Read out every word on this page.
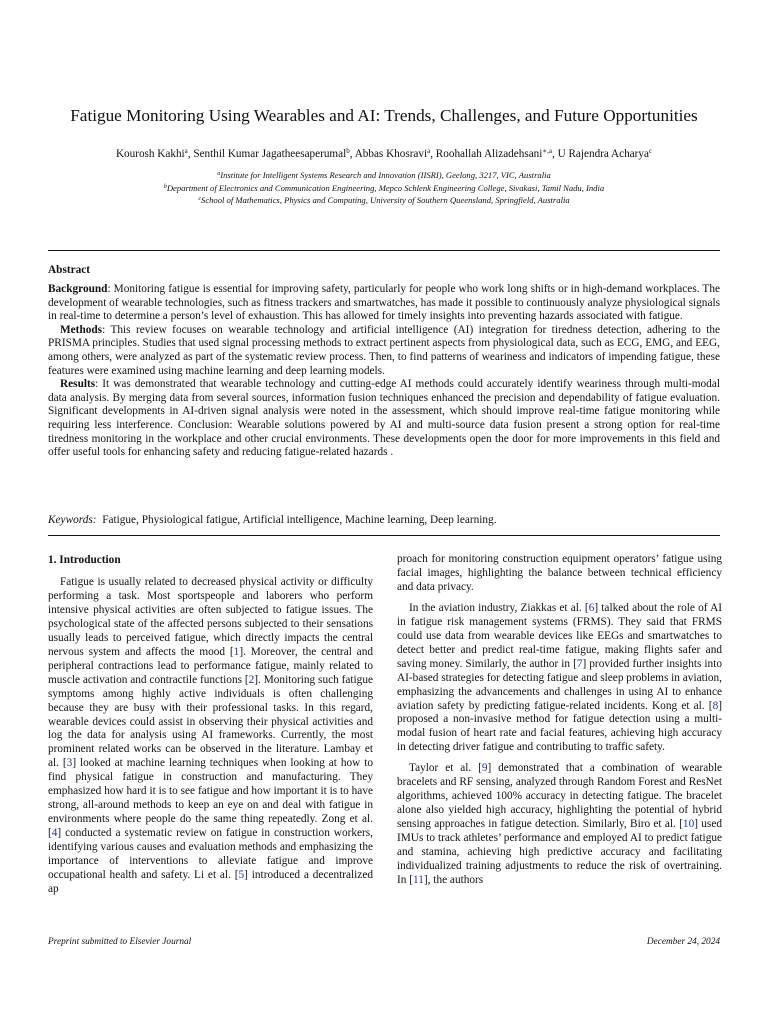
Fatigue Monitoring Using Wearables and AI: Trends, Challenges, and Future Opportunities
Kourosh Kakhi$^a$, Senthil Kumar Jagatheesaperumal$^b$, Abbas Khosravi$^a$, Roohallah Alizadehsani$^{∗,a}$, U Rajendra Acharya$^c$
$^a$Institute for Intelligent Systems Research and Innovation (IISRI), Geelong, 3217, VIC, Australia
$^b$Department of Electronics and Communication Engineering, Mepco Schlenk Engineering College, Sivakasi, Tamil Nadu, India
$^c$School of Mathematics, Physics and Computing, University of Southern Queensland, Springfield, Australia
Abstract

Background: Monitoring fatigue is essential for improving safety, particularly for people who work long shifts or in high-demand workplaces. The development of wearable technologies, such as fitness trackers and smartwatches, has made it possible to continuously analyze physiological signals in real-time to determine a person’s level of exhaustion. This has allowed for timely insights into preventing hazards associated with fatigue.

Methods: This review focuses on wearable technology and artificial intelligence (AI) integration for tiredness detection, adhering to the PRISMA principles. Studies that used signal processing methods to extract pertinent aspects from physiological data, such as ECG, EMG, and EEG, among others, were analyzed as part of the systematic review process. Then, to find patterns of weariness and indicators of impending fatigue, these features were examined using machine learning and deep learning models.

Results: It was demonstrated that wearable technology and cutting-edge AI methods could accurately identify weariness through multi-modal data analysis. By merging data from several sources, information fusion techniques enhanced the precision and dependability of fatigue evaluation. Significant developments in AI-driven signal analysis were noted in the assessment, which should improve real-time fatigue monitoring while requiring less interference. Conclusion: Wearable solutions powered by AI and multi-source data fusion present a strong option for real-time tiredness monitoring in the workplace and other crucial environments. These developments open the door for more improvements in this field and offer useful tools for enhancing safety and reducing fatigue-related hazards .

Keywords: Fatigue, Physiological fatigue, Artificial intelligence, Machine learning, Deep learning.
1. Introduction

Fatigue is usually related to decreased physical activity or difficulty performing a task. Most sportspeople and laborers who perform intensive physical activities are often subjected to fatigue issues. The psychological state of the affected persons subjected to their sensations usually leads to perceived fatigue, which directly impacts the central nervous system and affects the mood [1]. Moreover, the central and peripheral contractions lead to performance fatigue, mainly related to muscle activation and contractile functions [2]. Monitoring such fatigue symptoms among highly active individuals is often challenging because they are busy with their professional tasks. In this regard, wearable devices could assist in observing their physical activities and log the data for analysis using AI frameworks. Currently, the most prominent related works can be observed in the literature. Lambay et al. [3] looked at machine learning techniques when looking at how to find physical fatigue in construction and manufacturing. They emphasized how hard it is to see fatigue and how important it is to have strong, all-around methods to keep an eye on and deal with fatigue in environments where people do the same thing repeatedly. Zong et al. [4] conducted a systematic review on fatigue in construction workers, identifying various causes and evaluation methods and emphasizing the importance of interventions to alleviate fatigue and improve occupational health and safety. Li et al. [5] introduced a decentralized ap

proach for monitoring construction equipment operators’ fatigue using facial images, highlighting the balance between technical efficiency and data privacy.

In the aviation industry, Ziakkas et al. [6] talked about the role of AI in fatigue risk management systems (FRMS). They said that FRMS could use data from wearable devices like EEGs and smartwatches to detect better and predict real-time fatigue, making flights safer and saving money. Similarly, the author in [7] provided further insights into AI-based strategies for detecting fatigue and sleep problems in aviation, emphasizing the advancements and challenges in using AI to enhance aviation safety by predicting fatigue-related incidents. Kong et al. [8] proposed a non-invasive method for fatigue detection using a multi-modal fusion of heart rate and facial features, achieving high accuracy in detecting driver fatigue and contributing to traffic safety.

Taylor et al. [9] demonstrated that a combination of wearable bracelets and RF sensing, analyzed through Random Forest and ResNet algorithms, achieved 100% accuracy in detecting fatigue. The bracelet alone also yielded high accuracy, highlighting the potential of hybrid sensing approaches in fatigue detection. Similarly, Biro et al. [10] used IMUs to track athletes’ performance and employed AI to predict fatigue and stamina, achieving high predictive accuracy and facilitating individualized training adjustments to reduce the risk of overtraining. In [11], the authors

Preprint submitted to Elsevier Journal	December 24, 2024
